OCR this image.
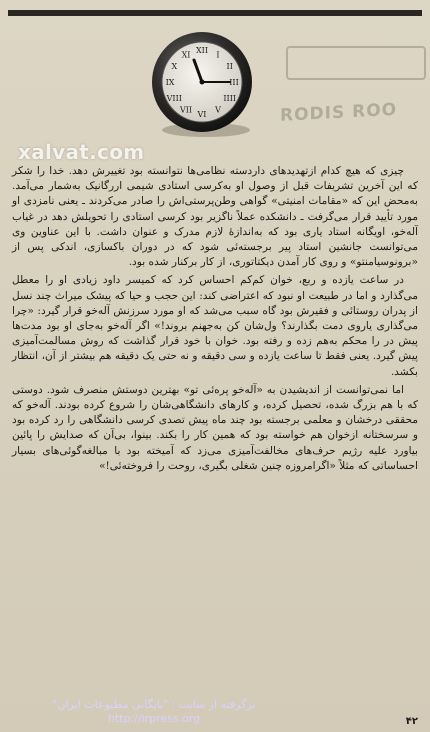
RODIS ROO
XII I
II
III
IIII
V
VI
VII
VIII
IX
X
XI
xalvat.com

چیزی که هیچ کدام ازتهدیدهای داردسته نظامی‌ها نتوانسته بود تغییرش دهد. خدا را شکر که این آخرین تشریفات قبل از وصول او به‌کرسی استادی شیمی اررگانیک به‌شمار می‌آمد. به‌محض این که «مقامات امنیتی» گواهی وطن‌پرستی‌اش را صادر می‌کردند ـ یعنی نامزدی او مورد تأیید قرار می‌گرفت ـ دانشکده عملاً ناگزیر بود کرسی استادی را تحویلش دهد در غیاب آله‌خو، اویگانه استاد یاری بود که به‌اندازهٔ لازم مدرک و عنوان داشت. با این عناوین وی می‌توانست جانشین استاد پیر برجسته‌ئی شود که در دوران باکسازی، اندکی پس از «برونوسیامنتو» و روی کار آمدن دیکتاتوری، از کار برکنار شده بود.

در ساعت یازده و ربع، خوان کم‌کم احساس کرد که کمیسر داود زیادی او را معطل می‌گذارد و اما در طبیعت او نبود که اعتراضی کند: این حجب و حیا که پیشک میراث چند نسل از پدران روستائی و فقیرش بود گاه سبب می‌شد که او مورد سرزنش آله‌خو قرار گیرد: «چرا می‌گذاری یاروی دمت بگذارند؟ ول‌شان کن به‌جهنم بروند!» اگر آله‌خو به‌جای او بود مدت‌ها پیش در را محکم به‌هم زده و رفته بود. خوان با خود قرار گذاشت که روش مسالمت‌آمیزی پیش گیرد. یعنی فقط تا ساعت یازده و سی دقیقه و نه حتی یک دقیقه هم بیشتر از آن، انتظار بکشد.

اما نمی‌توانست از اندیشیدن به «آله‌خو پره‌ئی تو» بهترین دوستش منصرف شود. دوستی که با هم بزرگ شده، تحصیل کرده، و کارهای دانشگاهی‌شان را شروع کرده بودند. آله‌خو که محققی درخشان و معلمی برجسته بود چند ماه پیش تصدی کرسی دانشگاهی را رد کرده بود و سرسختانه ازخوان هم خواسته بود که همین کار را بکند. بینوا، بی‌آن که صدایش را پائین بیاورد علیه رژیم حرف‌های مخالفت‌آمیزی می‌زد که آمیخته بود با مبالغه‌گوئی‌های بسیار احساساتی که مثلاً «اگرامروزه چنین شغلی بگیری، روحت را فروخته‌ئی!»

برگرفته از سایت : "بایگانی مطبوعات ایران"
http://irpress.org	۴۲
